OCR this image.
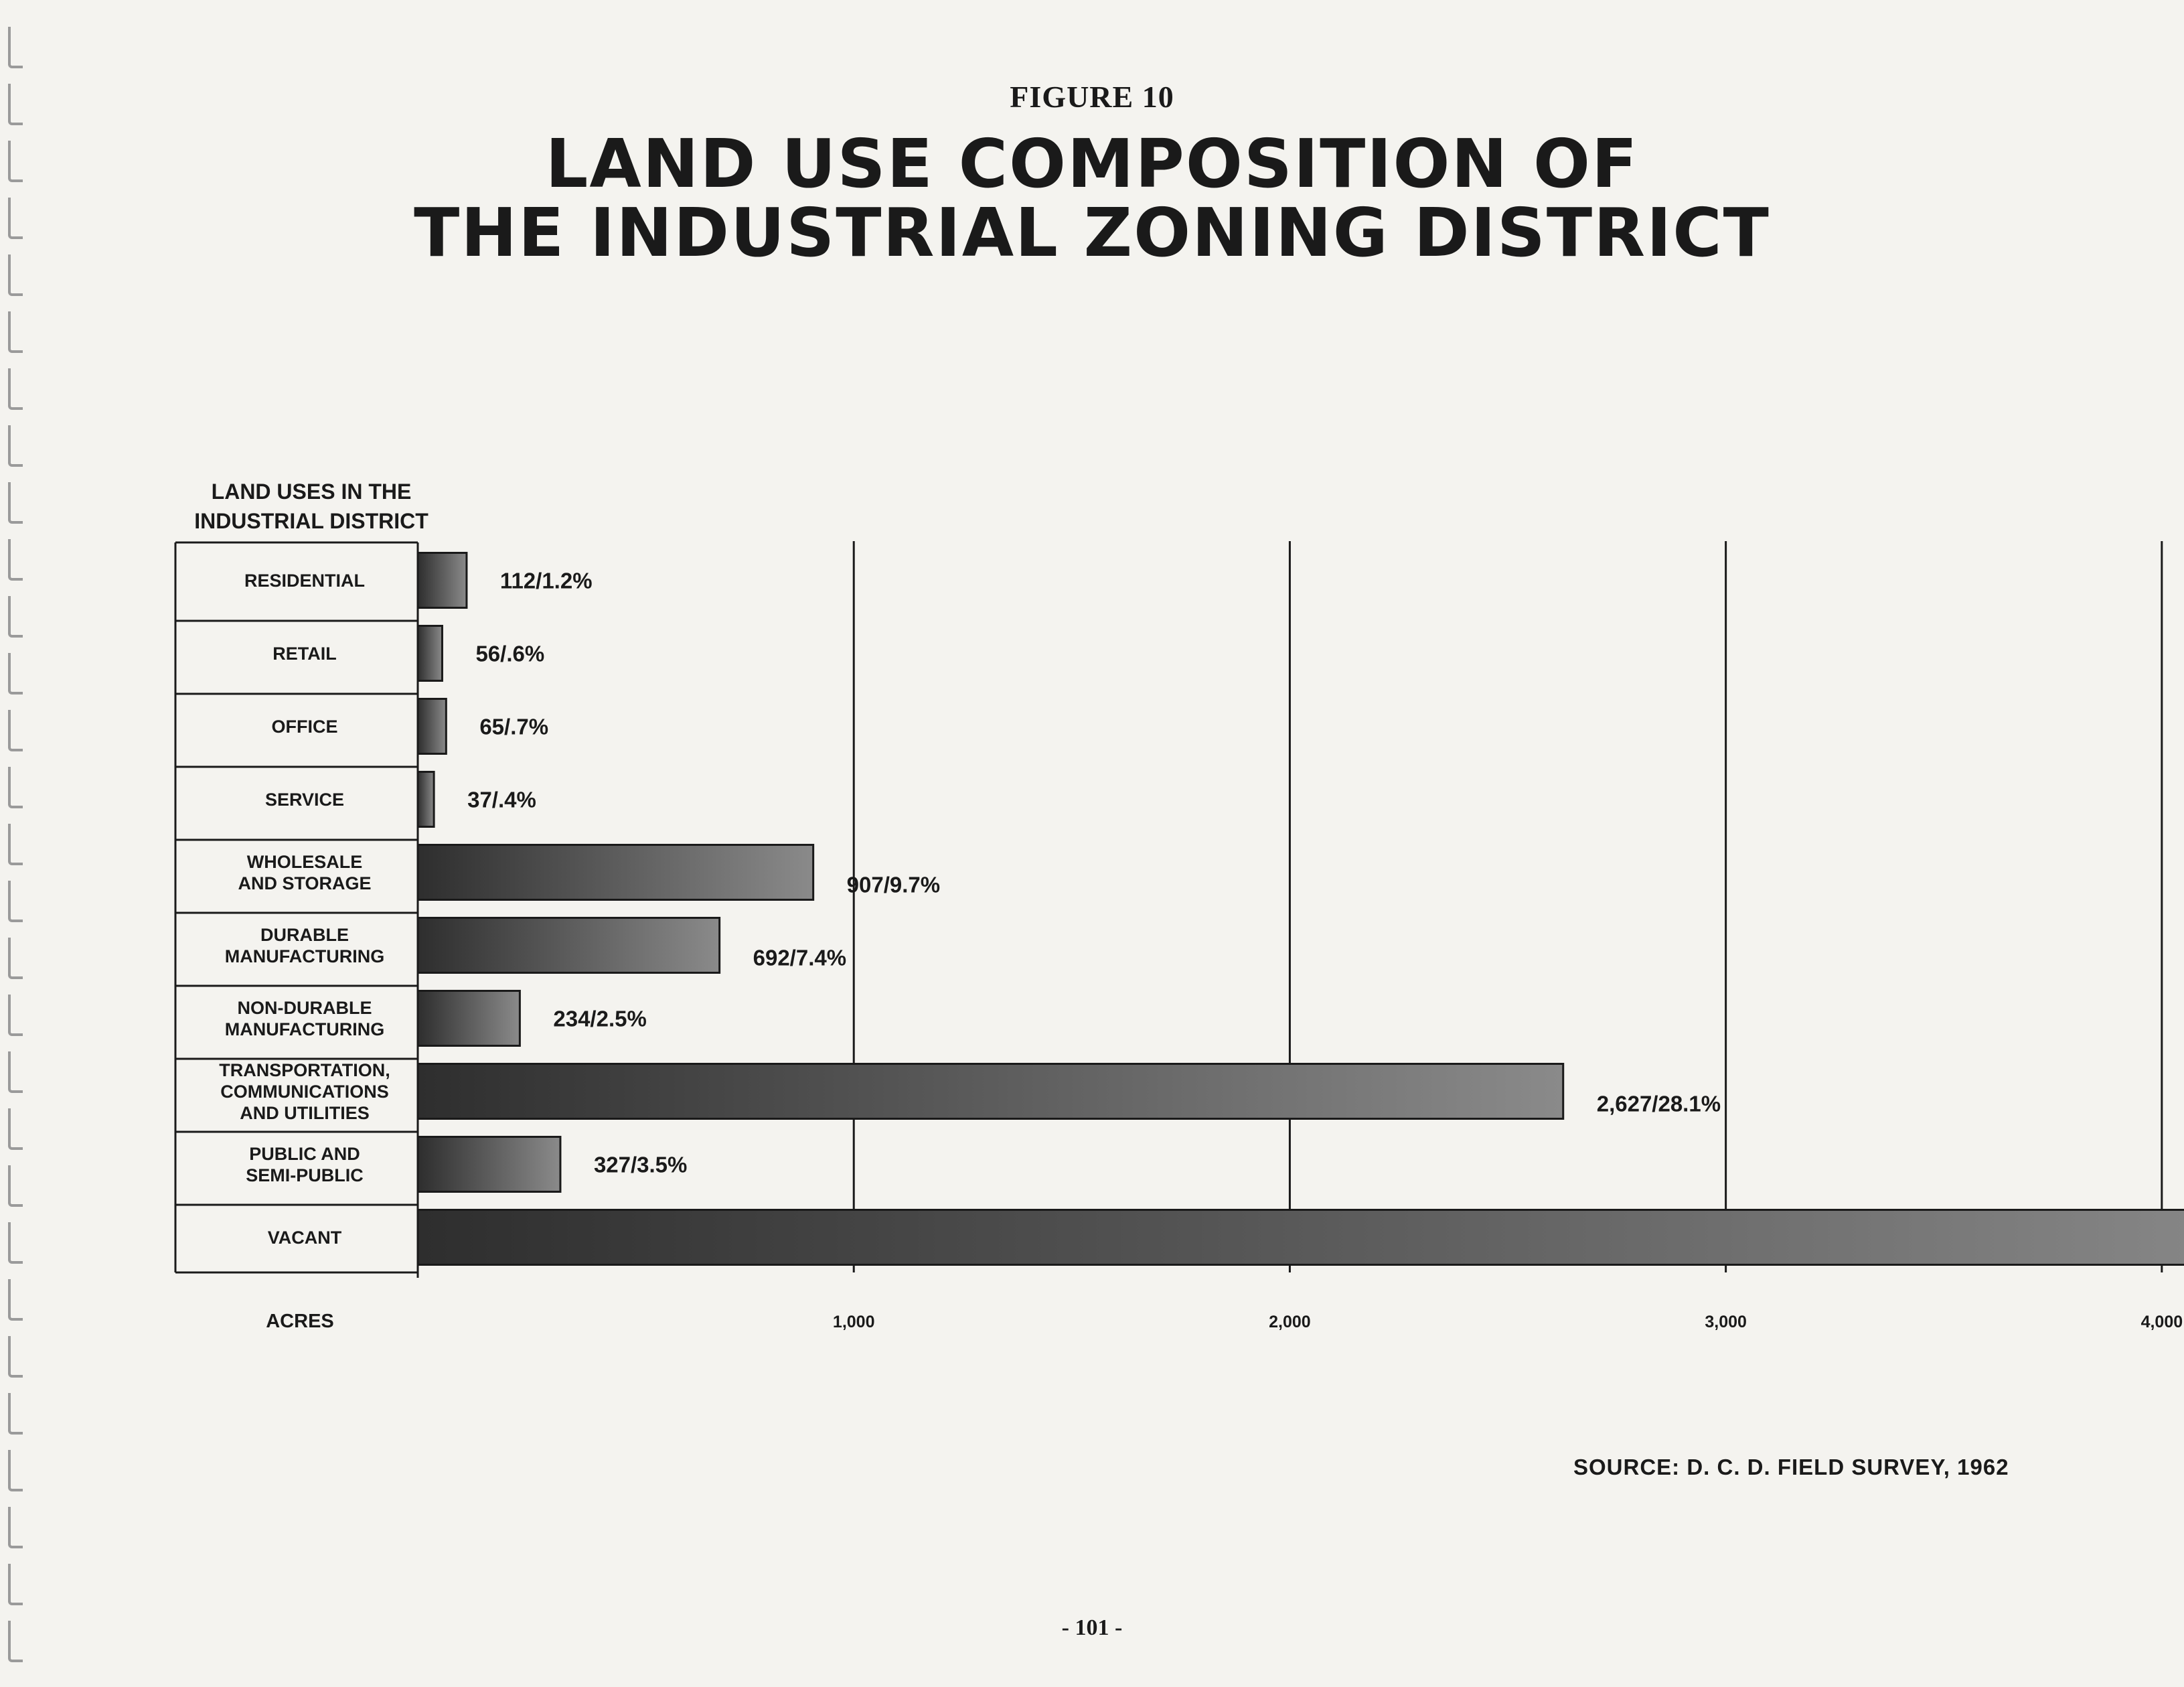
FIGURE 10
LAND USE COMPOSITION OF
THE INDUSTRIAL ZONING DISTRICT
LAND USES IN THE
INDUSTRIAL DISTRICT
RESIDENTIAL
RETAIL
OFFICE
SERVICE
WHOLESALE
AND STORAGE
DURABLE
MANUFACTURING
NON-DURABLE
MANUFACTURING
TRANSPORTATION,
COMMUNICATIONS
AND UTILITIES
PUBLIC AND
SEMI-PUBLIC
VACANT
1,000	2,000	3,000	4,000
ACRES
112/1.2%
56/.6%
65/.7%
37/.4%
907/9.7%
692/7.4%
234/2.5%
2,627/28.1%
327/3.5%
SOURCE: D. C. D. FIELD SURVEY, 1962
- 101 -
